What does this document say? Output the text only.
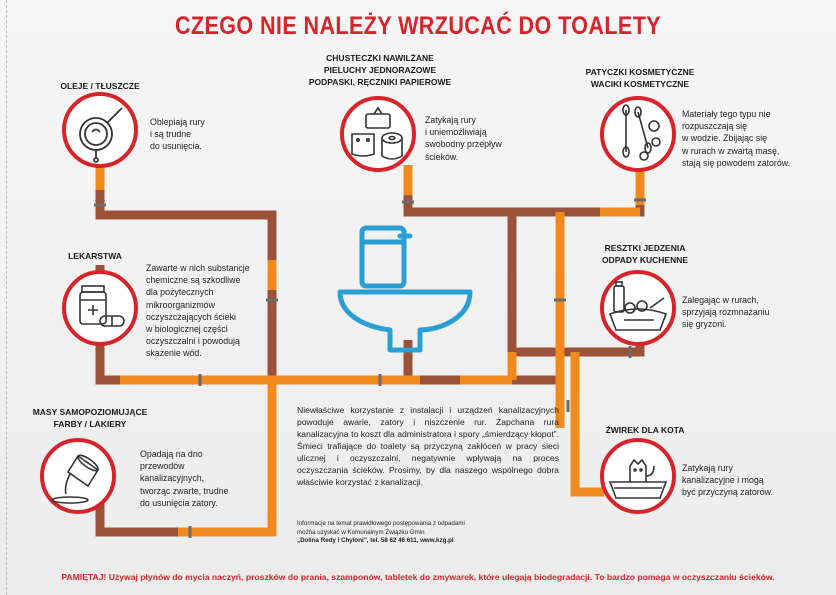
CZEGO NIE NALEŻY WRZUCAĆ DO TOALETY
OLEJE / TŁUSZCZE
CHUSTECZKI NAWILŻANE
PIELUCHY JEDNORAZOWE
PODPASKI, RĘCZNIKI PAPIEROWE
PATYCZKI KOSMETYCZNE
WACIKI KOSMETYCZNE
LEKARSTWA
RESZTKI JEDZENIA
ODPADY KUCHENNE
MASY SAMOPOZIOMUJĄCE
FARBY / LAKIERY
ŻWIREK DLA KOTA
Oblepiają rury
i są trudne
do usunięcia.
Zatykają rury
i uniemożliwiają
swobodny przepływ
ścieków.
Materiały tego typu nie
rozpuszczają się
w wodzie. Zbijając się
w rurach w zwartą masę,
stają się powodem zatorów.
Zawarte w nich substancje
chemiczne są szkodliwe
dla pożytecznych
mikroorganizmów
oczyszczających ścieki
w biologicznej części
oczyszczalni i powodują
skażenie wód.
Zalegając w rurach,
sprzyjają rozmnażaniu
się gryzoni.
Opadają na dno
przewodów
kanalizacyjnych,
tworząc zwarte, trudne
do usunięcia zatory.
Zatykają rury
kanalizacyjne i mogą
być przyczyną zatorów.
Niewłaściwe korzystanie z instalacji i urządzeń kanalizacyjnych powoduje awarie, zatory i niszczenie rur. Zapchana rura kanalizacyjna to koszt dla administratora i spory „śmierdzący kłopot”. Śmieci trafiające do toalety są przyczyną zakłóceń w pracy sieci ulicznej i oczyszczalni, negatywnie wpływają na proces oczyszczania ścieków. Prosimy, by dla naszego wspólnego dobra właściwie korzystać z kanalizacji.
Informacje na temat prawidłowego postępowania z odpadami
można uzyskać w Komunalnym Związku Gmin
„Dolina Redy i Chyloni”, tel. 58 62 46 611, www.kzg.pl
PAMIĘTAJ! Używaj płynów do mycia naczyń, proszków do prania, szamponów, tabletek do zmywarek, które ulegają biodegradacji. To bardzo pomaga w oczyszczaniu ścieków.
